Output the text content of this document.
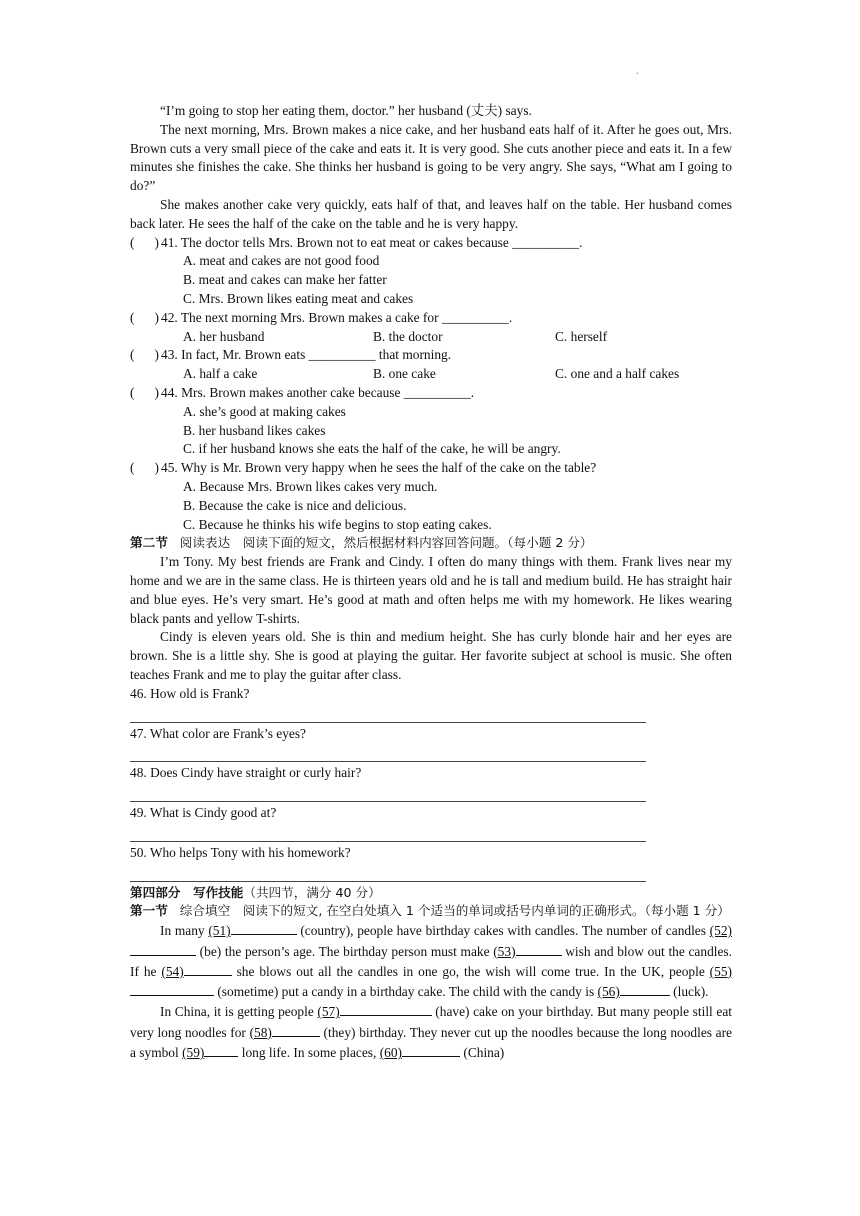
.

“I’m going to stop her eating them, doctor.” her husband (丈夫) says.

The next morning, Mrs. Brown makes a nice cake, and her husband eats half of it. After he goes out, Mrs. Brown cuts a very small piece of the cake and eats it. It is very good. She cuts another piece and eats it. In a few minutes she finishes the cake. She thinks her husband is going to be very angry. She says, “What am I going to do?”

She makes another cake very quickly, eats half of that, and leaves half on the table. Her husband comes back later. He sees the half of the cake on the table and he is very happy.

(      ) 41. The doctor tells Mrs. Brown not to eat meat or cakes because __________.
A. meat and cakes are not good food
B. meat and cakes can make her fatter
C. Mrs. Brown likes eating meat and cakes
(      ) 42. The next morning Mrs. Brown makes a cake for __________.
A. her husband	B. the doctor	C. herself
(      ) 43. In fact, Mr. Brown eats __________ that morning.
A. half a cake	B. one cake	C. one and a half cakes
(      ) 44. Mrs. Brown makes another cake because __________.
A. she’s good at making cakes
B. her husband likes cakes
C. if her husband knows she eats the half of the cake, he will be angry.
(      ) 45. Why is Mr. Brown very happy when he sees the half of the cake on the table?
A. Because Mrs. Brown likes cakes very much.
B. Because the cake is nice and delicious.
C. Because he thinks his wife begins to stop eating cakes.
第二节 阅读表达　阅读下面的短文，然后根据材料内容回答问题。（每小题 2 分）

I’m Tony. My best friends are Frank and Cindy. I often do many things with them. Frank lives near my home and we are in the same class. He is thirteen years old and he is tall and medium build. He has straight hair and blue eyes. He’s very smart. He’s good at math and often helps me with my homework. He likes wearing black pants and yellow T-shirts.

Cindy is eleven years old. She is thin and medium height. She has curly blonde hair and her eyes are brown. She is a little shy. She is good at playing the guitar. Her favorite subject at school is music. She often teaches Frank and me to play the guitar after class.

46. How old is Frank?
47. What color are Frank’s eyes?
48. Does Cindy have straight or curly hair?
49. What is Cindy good at?
50. Who helps Tony with his homework?
第四部分　写作技能（共四节，满分 40 分）
第一节 综合填空　阅读下的短文, 在空白处填入 1 个适当的单词或括号内单词的正确形式。（每小题 1 分）

In many (51)	(country), people have birthday cakes with candles. The number of candles (52) (be) the person’s age. The birthday person must make (53)	wish and blow out the candles. If he (54)	she blows out all the candles in one go, the wish will come true. In the UK, people (55) (sometime) put a candy in a birthday cake. The child with the candy is (56)	(luck).

In China, it is getting people (57)	(have) cake on your birthday. But many people still eat very long noodles for (58)	(they) birthday. They never cut up the noodles because the long noodles are a symbol (59)	long life. In some places, (60)	(China)
